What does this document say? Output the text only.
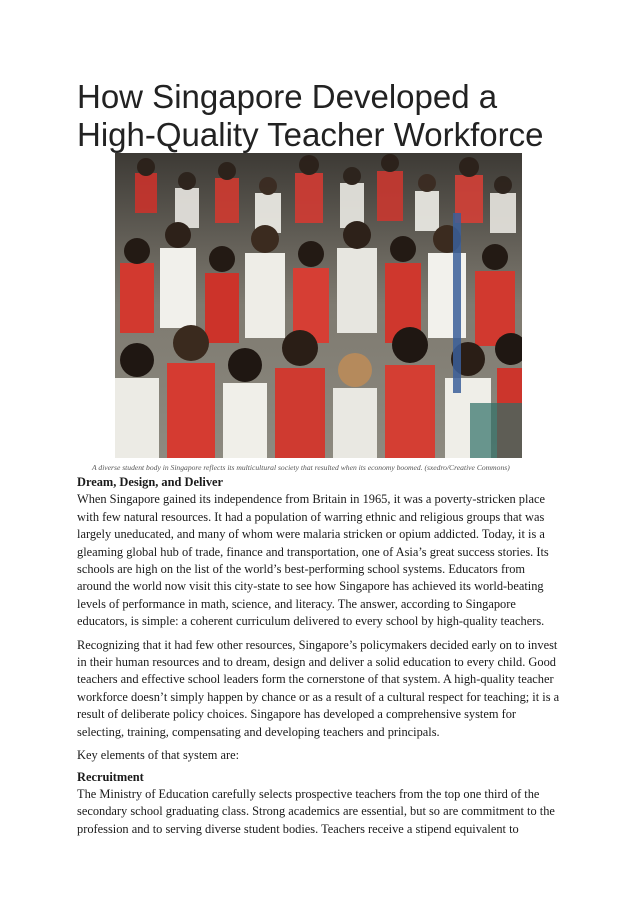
How Singapore Developed a High-Quality Teacher Workforce
A diverse student body in Singapore reflects its multicultural society that resulted when its economy boomed. (sxedro/Creative Commons)
Dream, Design, and Deliver

When Singapore gained its independence from Britain in 1965, it was a poverty-stricken place with few natural resources. It had a population of warring ethnic and religious groups that was largely uneducated, and many of whom were malaria stricken or opium addicted. Today, it is a gleaming global hub of trade, finance and transportation, one of Asia’s great success stories. Its schools are high on the list of the world’s best-performing school systems. Educators from around the world now visit this city-state to see how Singapore has achieved its world-beating levels of performance in math, science, and literacy. The answer, according to Singapore educators, is simple: a coherent curriculum delivered to every school by high-quality teachers.

Recognizing that it had few other resources, Singapore’s policymakers decided early on to invest in their human resources and to dream, design and deliver a solid education to every child. Good teachers and effective school leaders form the cornerstone of that system. A high-quality teacher workforce doesn’t simply happen by chance or as a result of a cultural respect for teaching; it is a result of deliberate policy choices. Singapore has developed a comprehensive system for selecting, training, compensating and developing teachers and principals.

Key elements of that system are:

Recruitment

The Ministry of Education carefully selects prospective teachers from the top one third of the secondary school graduating class. Strong academics are essential, but so are commitment to the profession and to serving diverse student bodies. Teachers receive a stipend equivalent to
